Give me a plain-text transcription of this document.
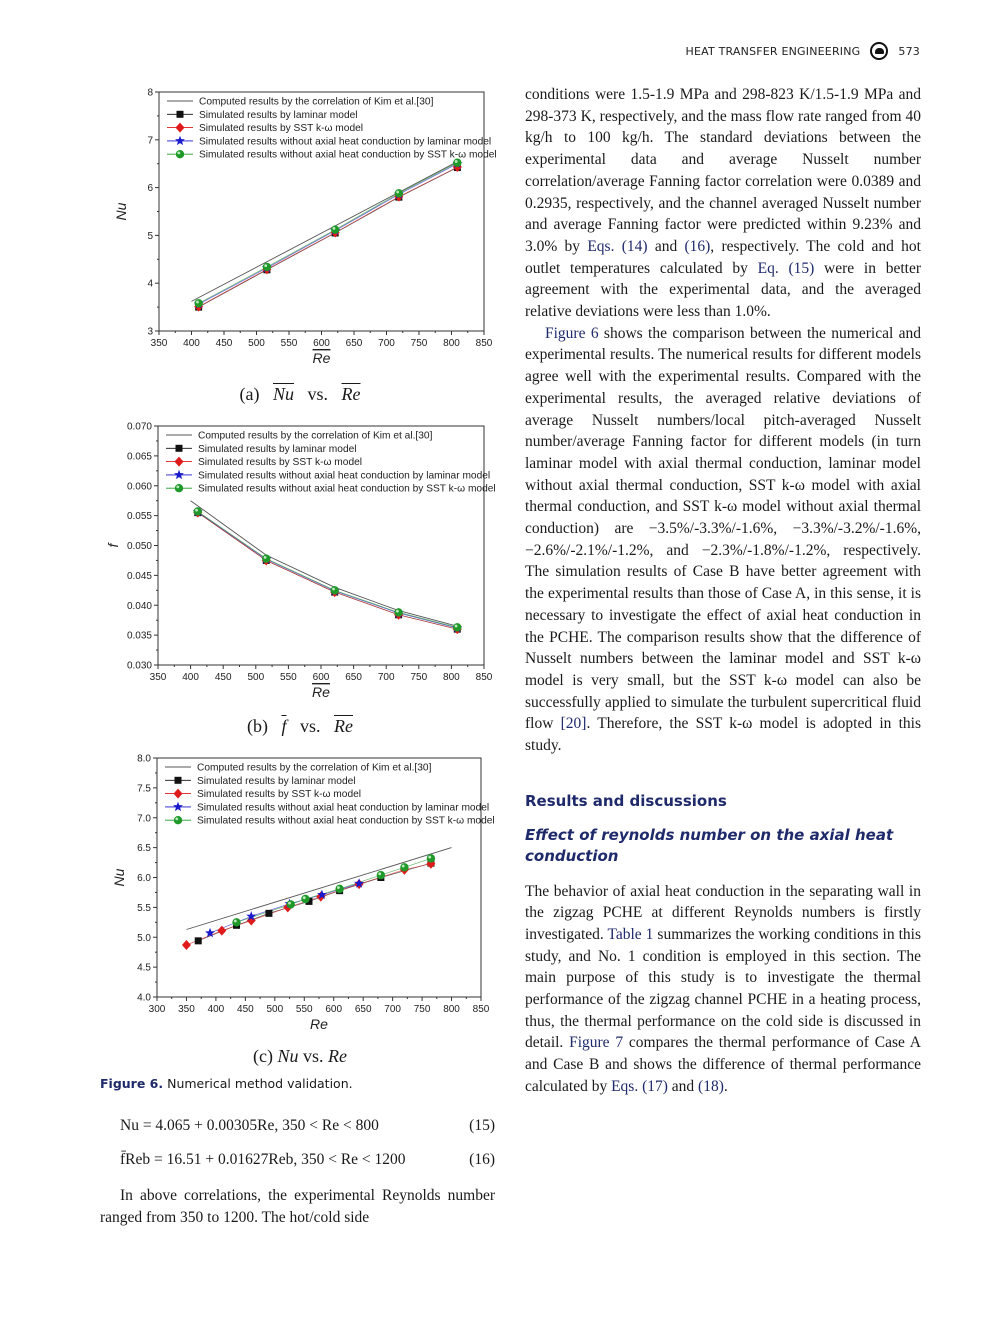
HEAT TRANSFER ENGINEERING	573
350 400 450 500 550 600 650 700 750 800 850
3
4
5
6
7
8
Re
Nu
Computed results by the correlation of Kim et al.[30]
Simulated results by laminar model
Simulated results by SST k-ω model
Simulated results without axial heat conduction by laminar model
Simulated results without axial heat conduction by SST k-ω model
(a) $\overline{Nu}$ vs. $\overline{Re}$
350 400 450 500 550 600 650 700 750 800 850
0.030
0.035
0.040
0.045
0.050
0.055
0.060
0.065
0.070
Re
f
Computed results by the correlation of Kim et al.[30]
Simulated results by laminar model
Simulated results by SST k-ω model
Simulated results without axial heat conduction by laminar model
Simulated results without axial heat conduction by SST k-ω model
(b) $\overline{f}$ vs. $\overline{Re}$
300 350 400 450 500 550 600 650 700 750 800 850
4.0
4.5
5.0
5.5
6.0
6.5
7.0
7.5
8.0
Re
Nu
Computed results by the correlation of Kim et al.[30]
Simulated results by laminar model
Simulated results by SST k-ω model
Simulated results without axial heat conduction by laminar model
Simulated results without axial heat conduction by SST k-ω model
(c) Nu vs. Re
Figure 6. Numerical method validation.
Nu = 4.065 + 0.00305Re, 350 < Re < 800	(15)
f̄Reb = 16.51 + 0.01627Reb, 350 < Re < 1200	(16)
In above correlations, the experimental Reynolds number ranged from 350 to 1200. The hot/cold side

conditions were 1.5-1.9 MPa and 298-823 K/1.5-1.9 MPa and 298-373 K, respectively, and the mass flow rate ranged from 40 kg/h to 100 kg/h. The standard deviations between the experimental data and average Nusselt number correlation/average Fanning factor correlation were 0.0389 and 0.2935, respectively, and the channel averaged Nusselt number and average Fanning factor were predicted within 9.23% and 3.0% by Eqs. (14) and (16), respectively. The cold and hot outlet temperatures calculated by Eq. (15) were in better agreement with the experimental data, and the averaged relative deviations were less than 1.0%.

Figure 6 shows the comparison between the numerical and experimental results. The numerical results for different models agree well with the experimental results. Compared with the experimental results, the averaged relative deviations of average Nusselt numbers/local pitch-averaged Nusselt number/average Fanning factor for different models (in turn laminar model with axial thermal conduction, laminar model without axial thermal conduction, SST k-ω model with axial thermal conduction, and SST k-ω model without axial thermal conduction) are −3.5%/-3.3%/-1.6%, −3.3%/-3.2%/-1.6%, −2.6%/-2.1%/-1.2%, and −2.3%/-1.8%/-1.2%, respectively. The simulation results of Case B have better agreement with the experimental results than those of Case A, in this sense, it is necessary to investigate the effect of axial heat conduction in the PCHE. The comparison results show that the difference of Nusselt numbers between the laminar model and SST k-ω model is very small, but the SST k-ω model can also be successfully applied to simulate the turbulent supercritical fluid flow [20]. Therefore, the SST k-ω model is adopted in this study.

Results and discussions

Effect of reynolds number on the axial heat conduction

The behavior of axial heat conduction in the separating wall in the zigzag PCHE at different Reynolds numbers is firstly investigated. Table 1 summarizes the working conditions in this study, and No. 1 condition is employed in this section. The main purpose of this study is to investigate the thermal performance of the zigzag channel PCHE in a heating process, thus, the thermal performance on the cold side is discussed in detail. Figure 7 compares the thermal performance of Case A and Case B and shows the difference of thermal performance calculated by Eqs. (17) and (18).
